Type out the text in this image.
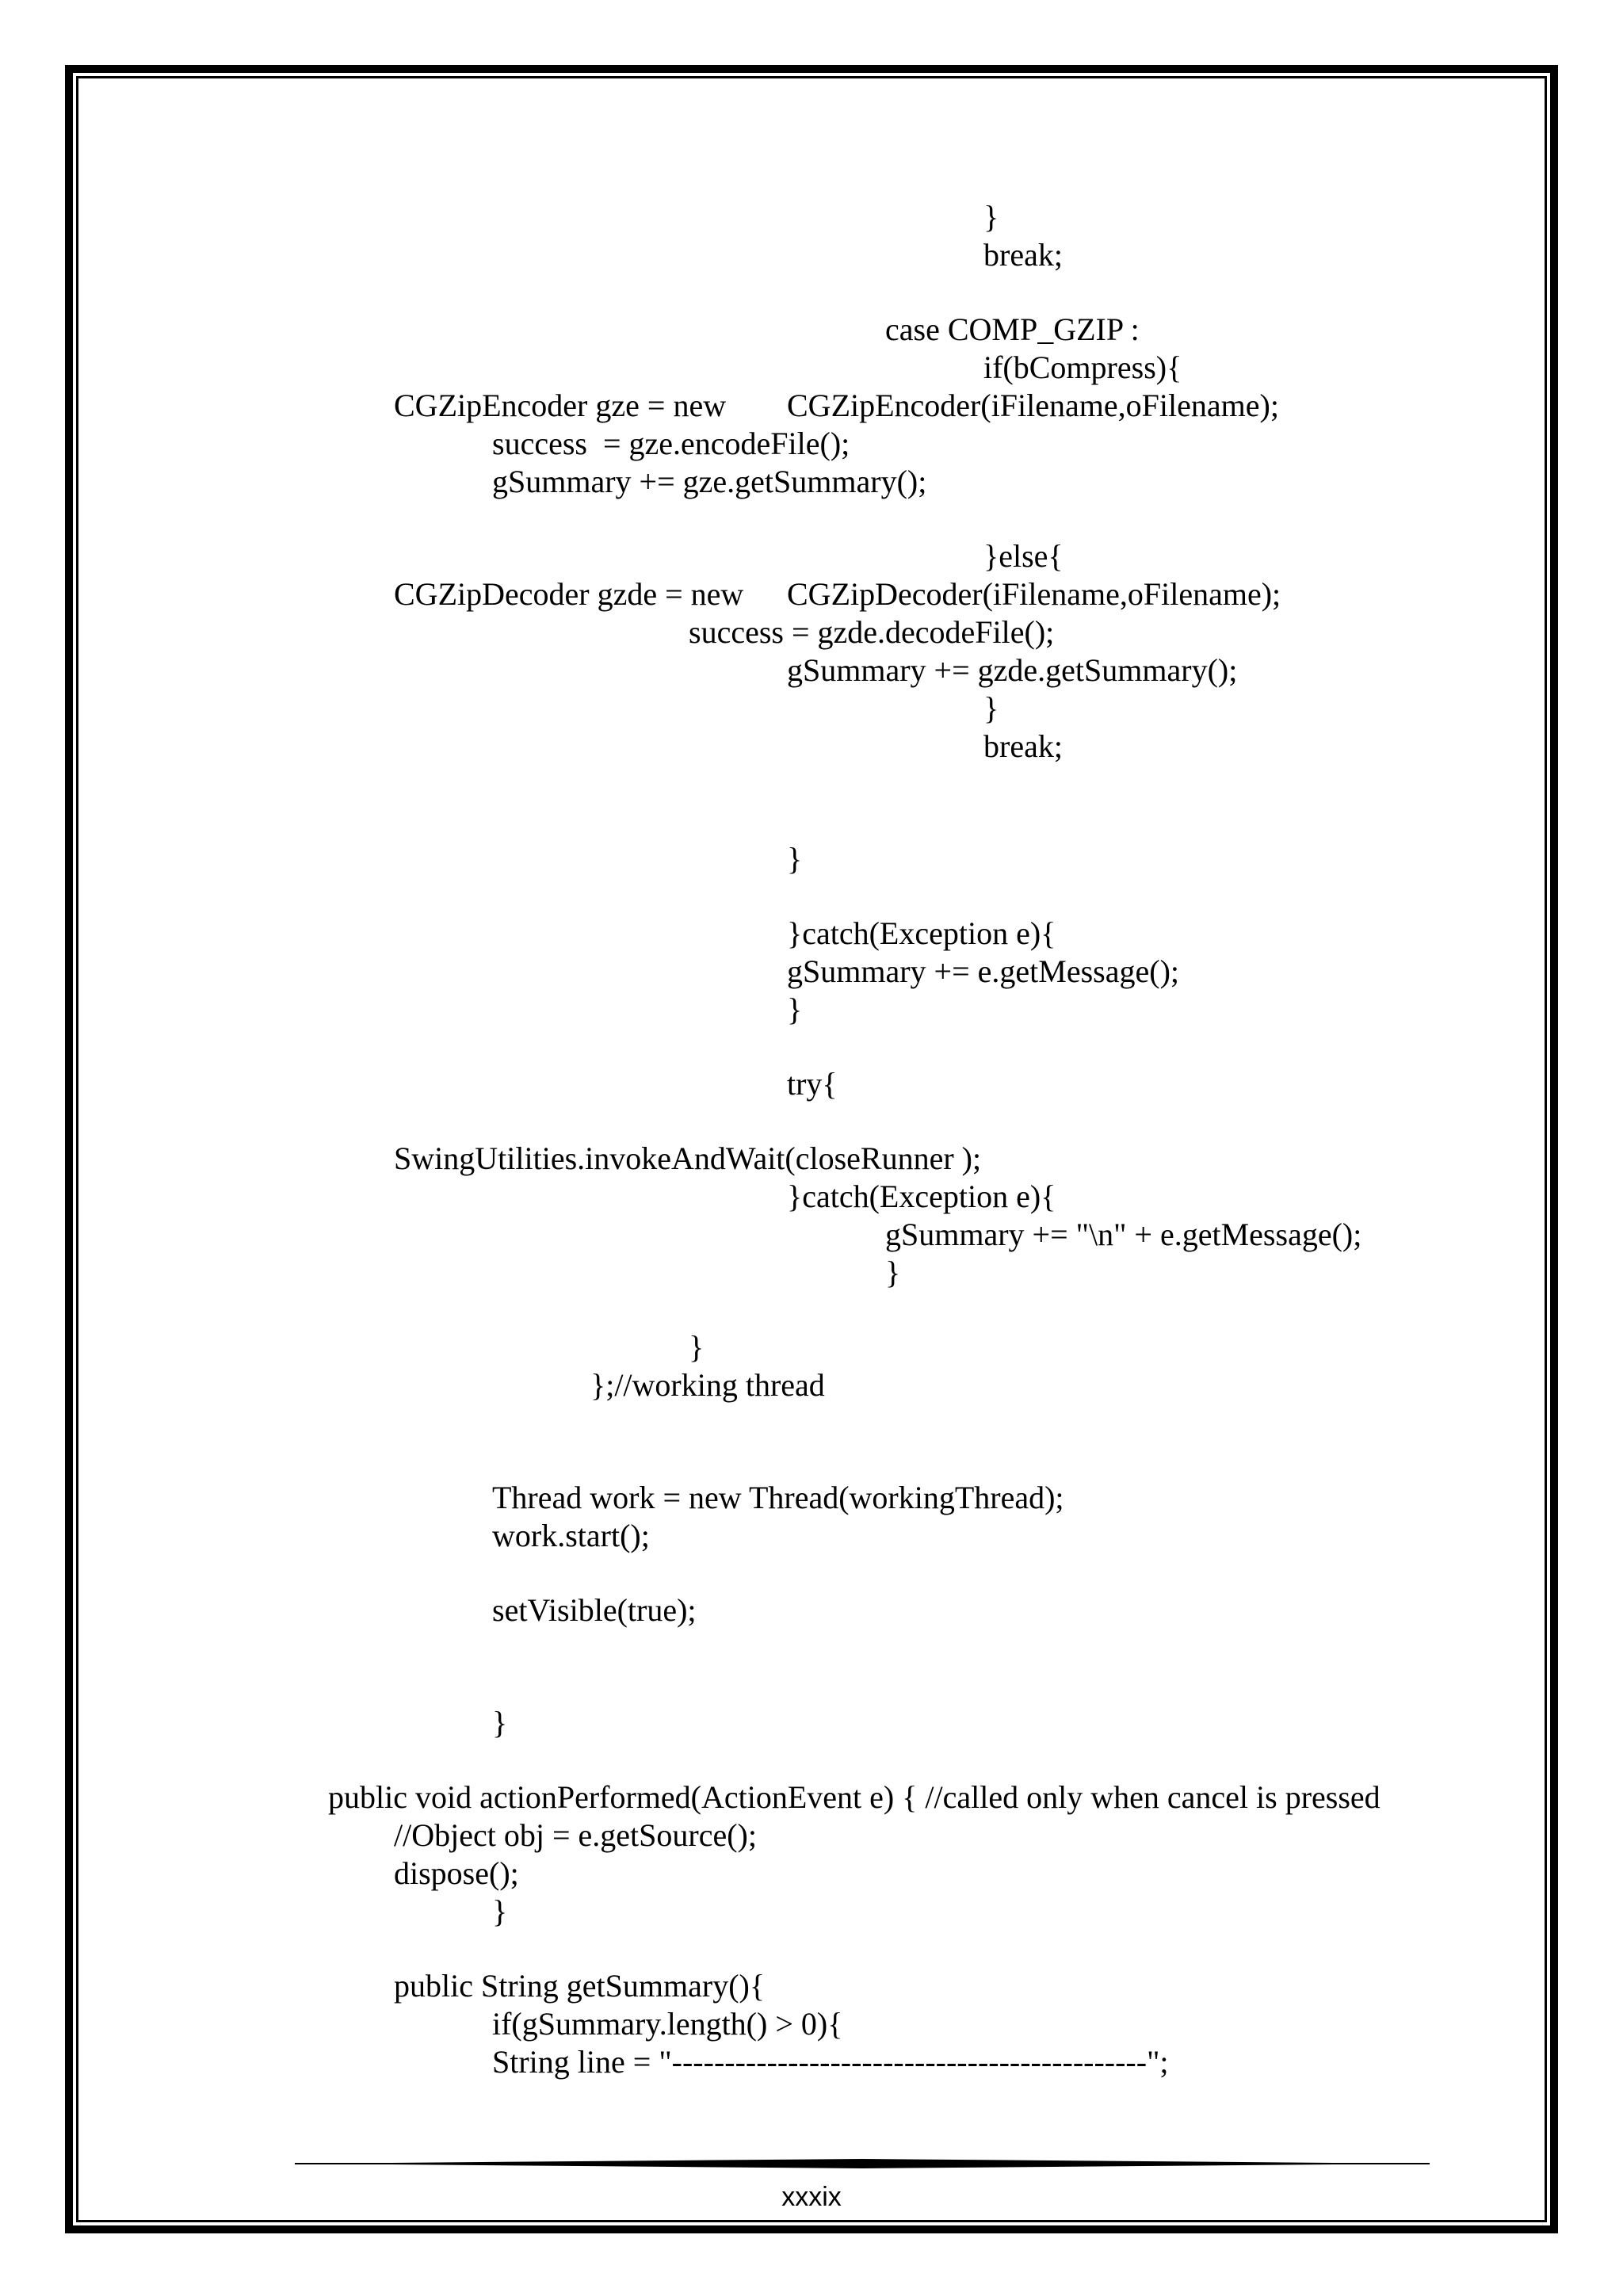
}

break;

case COMP_GZIP :

if(bCompress){

CGZipEncoder gze = new CGZipEncoder(iFilename,oFilename);

success  = gze.encodeFile();

gSummary += gze.getSummary();

}else{

CGZipDecoder gzde = new CGZipDecoder(iFilename,oFilename);

success = gzde.decodeFile();

gSummary += gzde.getSummary();

}

break;

}

}catch(Exception e){

gSummary += e.getMessage();

}

try{

SwingUtilities.invokeAndWait(closeRunner );

}catch(Exception e){

gSummary += "\n" + e.getMessage();

}

}

};//working thread

Thread work = new Thread(workingThread);

work.start();

setVisible(true);

}

public void actionPerformed(ActionEvent e) { //called only when cancel is pressed

//Object obj = e.getSource();

dispose();

}

public String getSummary(){

if(gSummary.length() > 0){

String line = "---------------------------------------------";

xxxix
